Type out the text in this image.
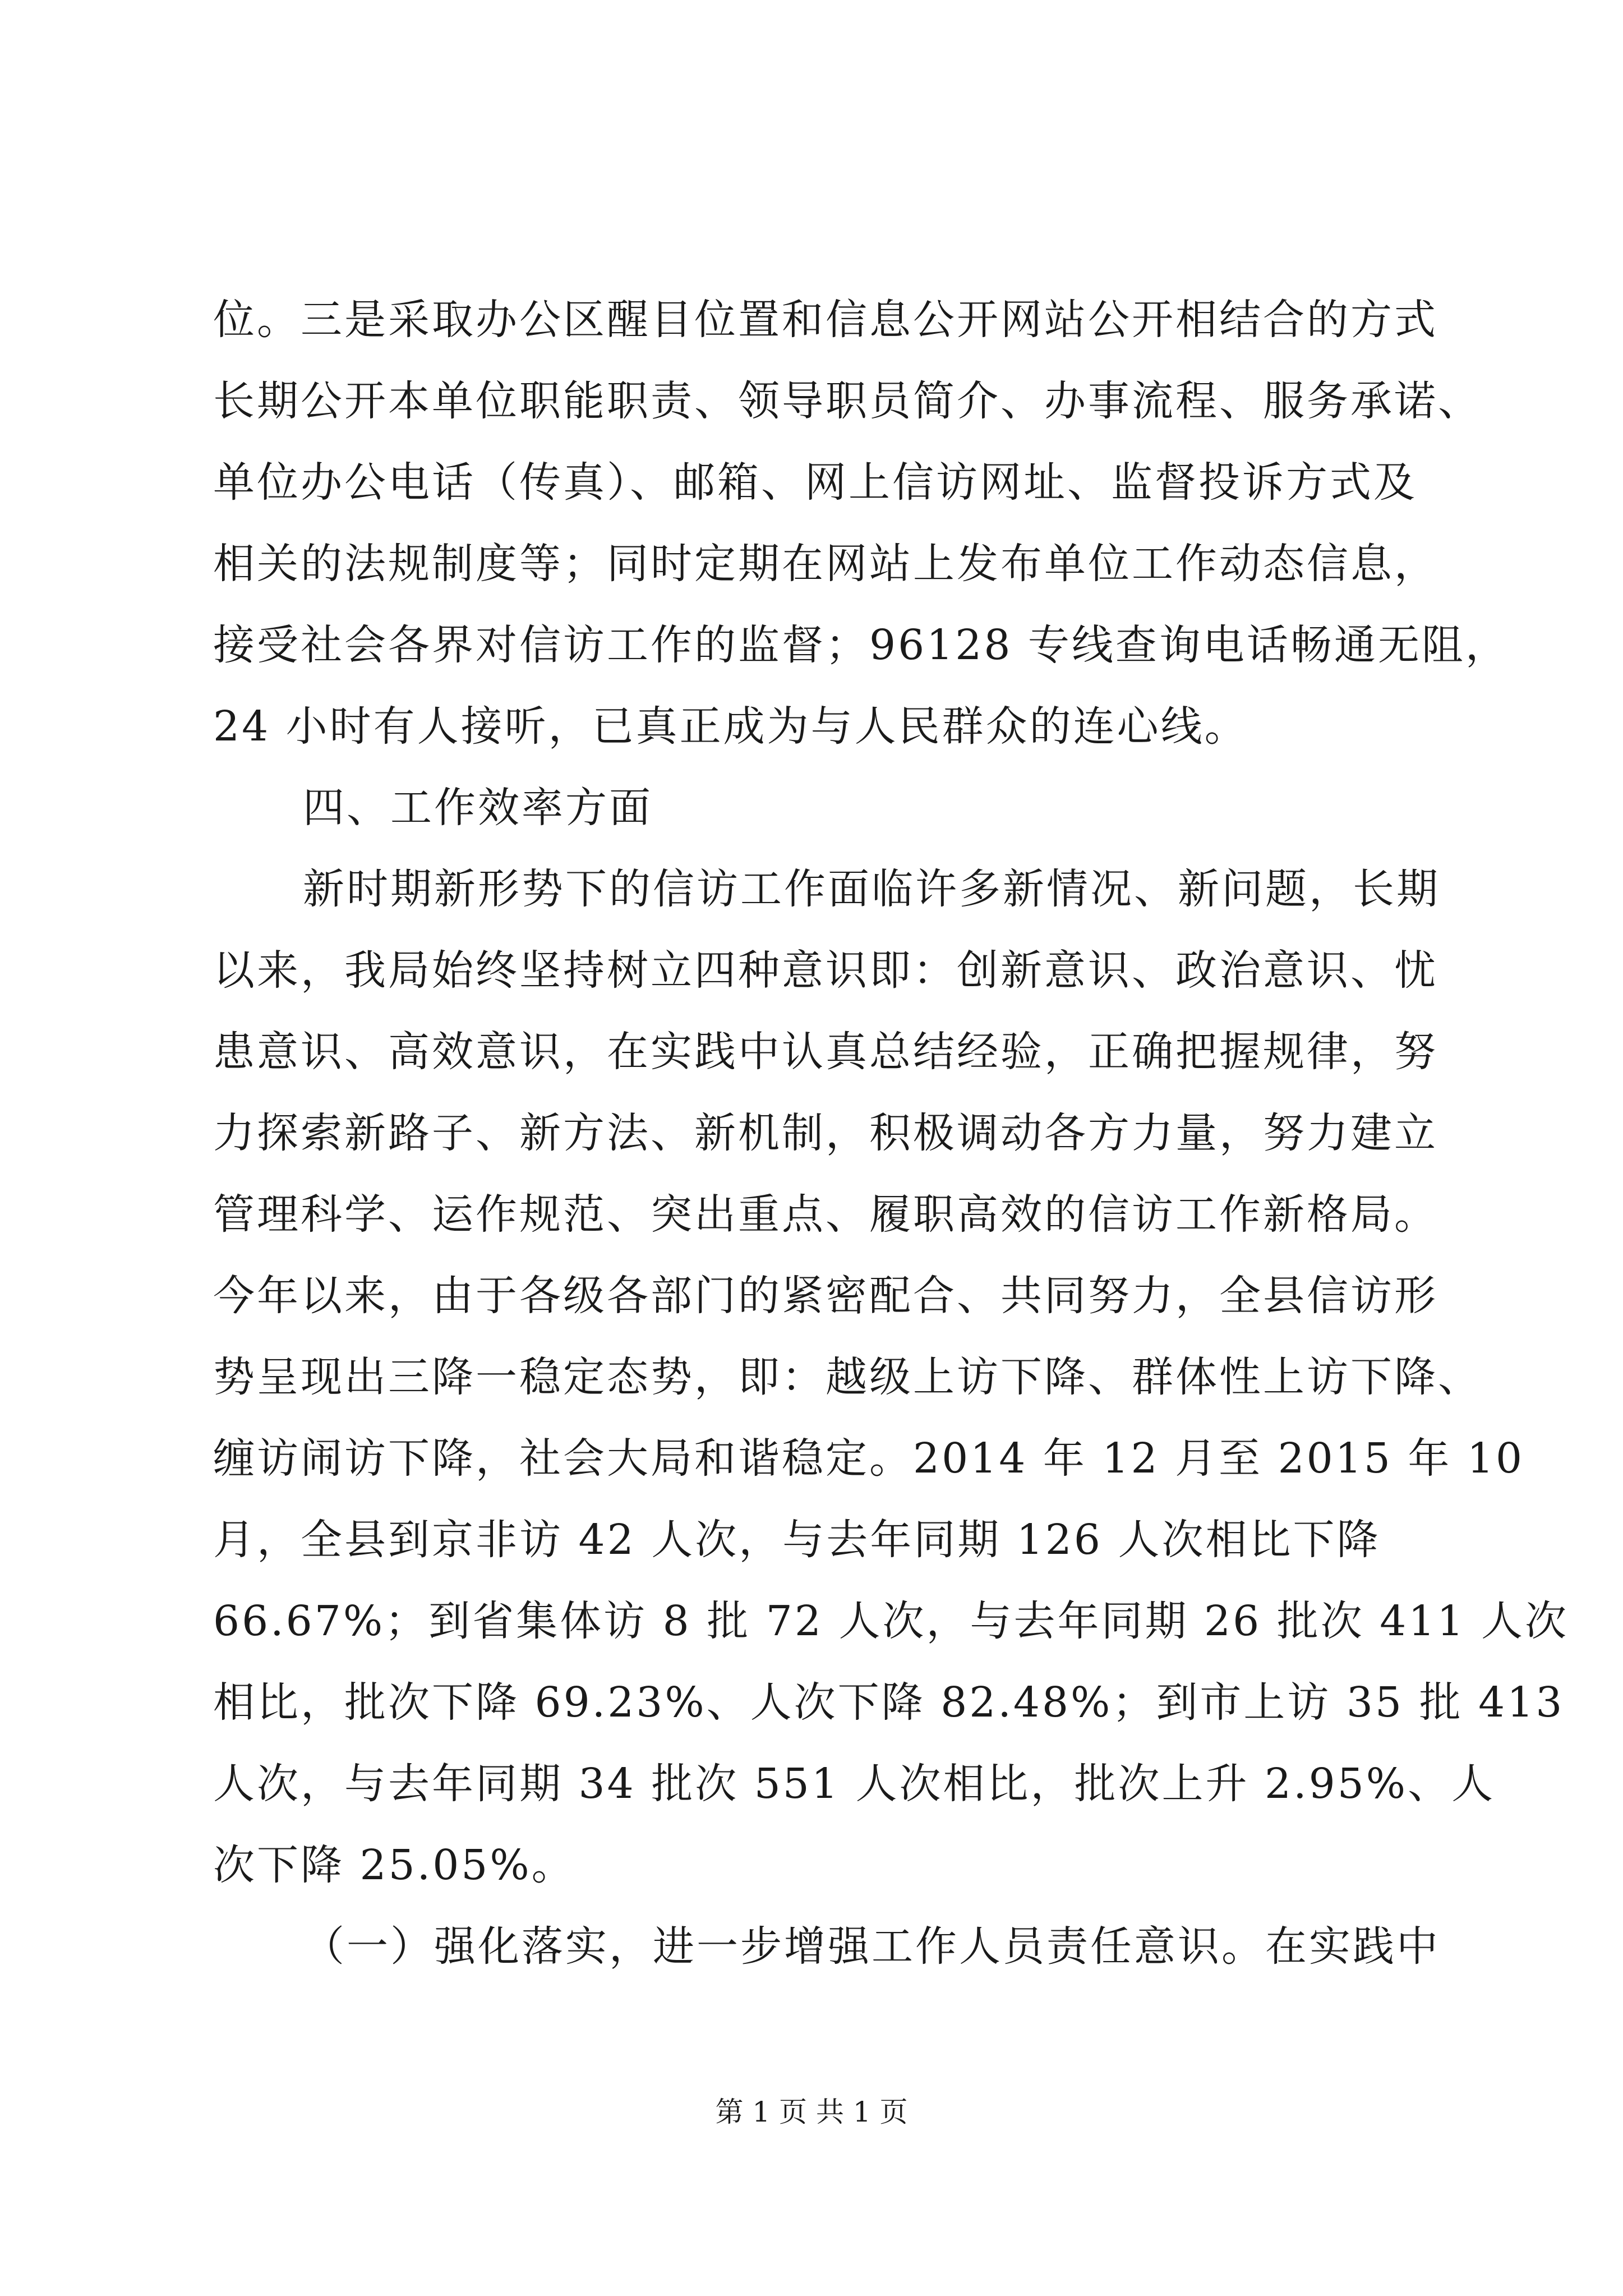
位。三是采取办公区醒目位置和信息公开网站公开相结合的方式
长期公开本单位职能职责、领导职员简介、办事流程、服务承诺、
单位办公电话（传真）、邮箱、网上信访网址、监督投诉方式及
相关的法规制度等；同时定期在网站上发布单位工作动态信息，
接受社会各界对信访工作的监督；96128 专线查询电话畅通无阻，
24 小时有人接听，已真正成为与人民群众的连心线。
四、工作效率方面
新时期新形势下的信访工作面临许多新情况、新问题，长期
以来，我局始终坚持树立四种意识即：创新意识、政治意识、忧
患意识、高效意识，在实践中认真总结经验，正确把握规律，努
力探索新路子、新方法、新机制，积极调动各方力量，努力建立
管理科学、运作规范、突出重点、履职高效的信访工作新格局。
今年以来，由于各级各部门的紧密配合、共同努力，全县信访形
势呈现出三降一稳定态势，即：越级上访下降、群体性上访下降、
缠访闹访下降，社会大局和谐稳定。2014 年 12 月至 2015 年 10
月，全县到京非访 42 人次，与去年同期 126 人次相比下降
66.67%；到省集体访 8 批 72 人次，与去年同期 26 批次 411 人次
相比，批次下降 69.23%、人次下降 82.48%；到市上访 35 批 413
人次，与去年同期 34 批次 551 人次相比，批次上升 2.95%、人
次下降 25.05%。
（一）强化落实，进一步增强工作人员责任意识。在实践中
第 1 页 共 1 页
